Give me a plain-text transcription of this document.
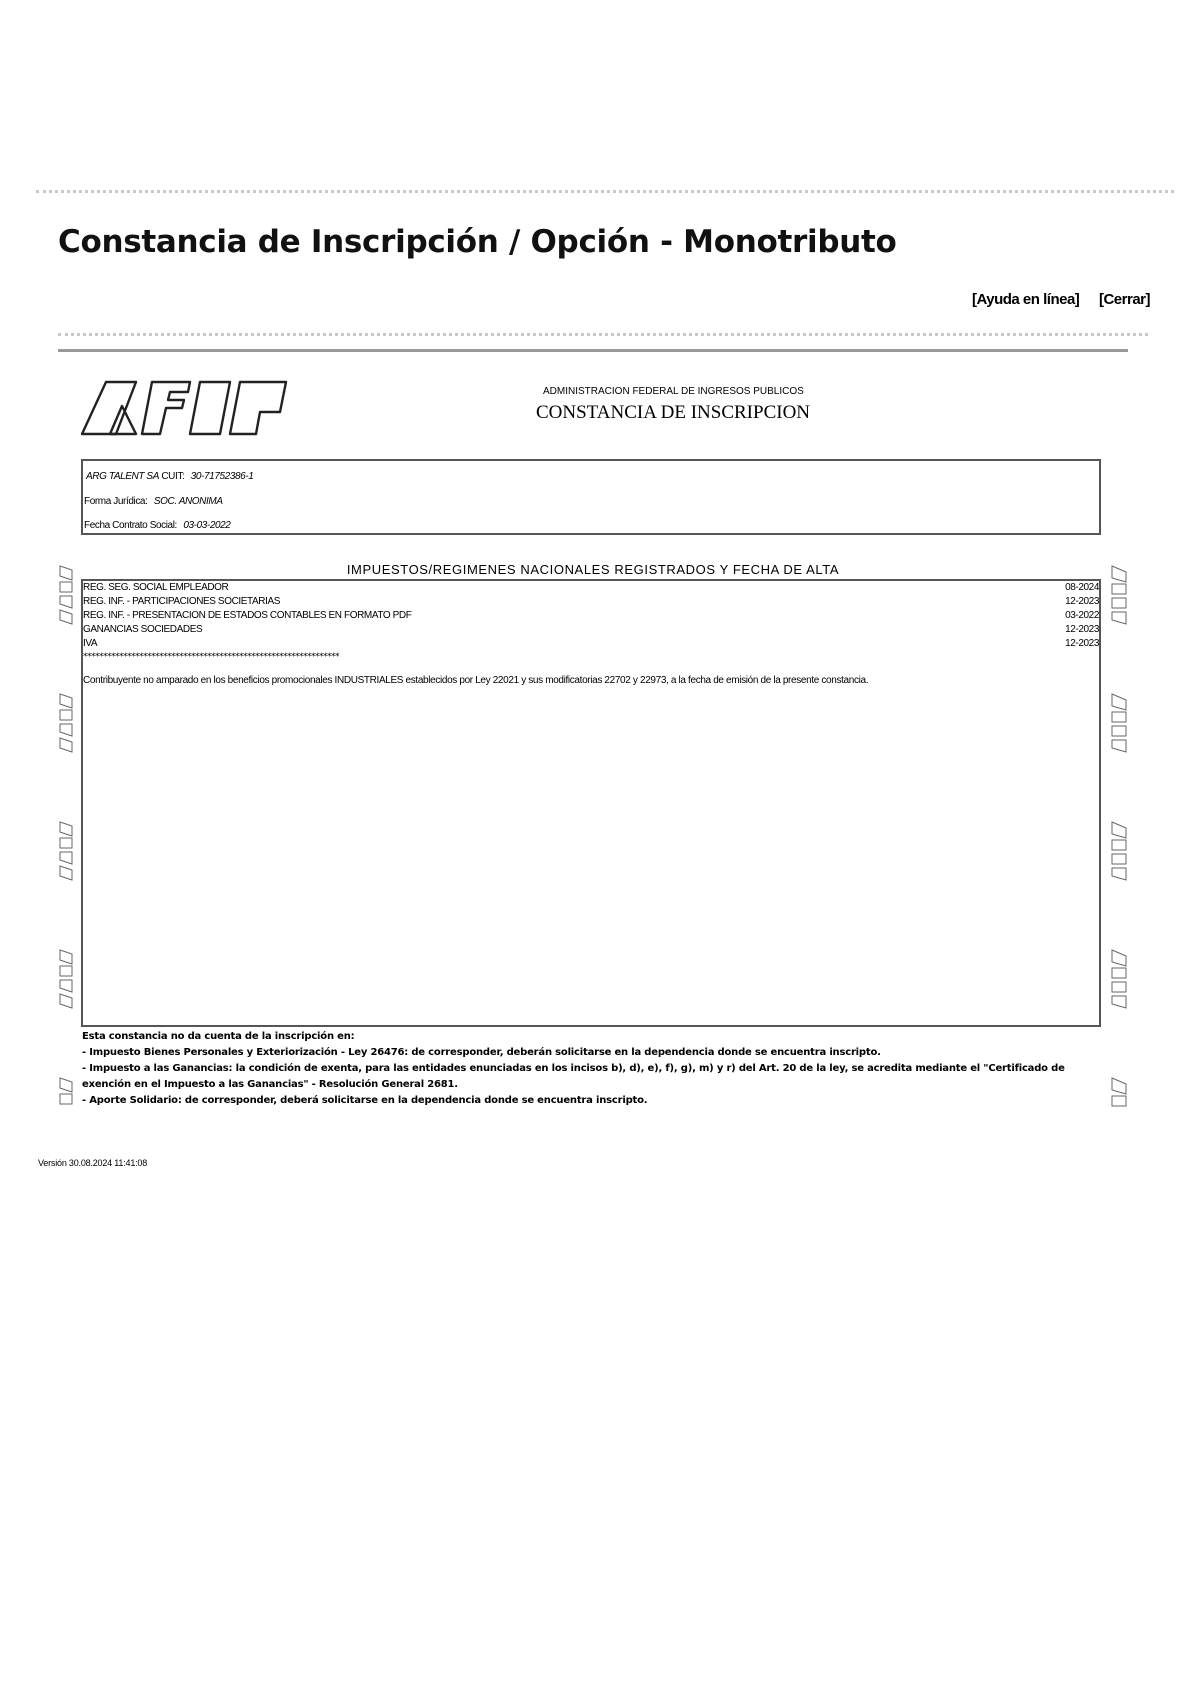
Constancia de Inscripción / Opción - Monotributo
[Ayuda en línea] [Cerrar]
ADMINISTRACION FEDERAL DE INGRESOS PUBLICOS
CONSTANCIA DE INSCRIPCION
ARG TALENT SA CUIT: 30-71752386-1
Forma Jurídica: SOC. ANONIMA
Fecha Contrato Social: 03-03-2022
IMPUESTOS/REGIMENES NACIONALES REGISTRADOS Y FECHA DE ALTA
REG. SEG. SOCIAL EMPLEADOR	08-2024
REG. INF. - PARTICIPACIONES SOCIETARIAS	12-2023
REG. INF. - PRESENTACION DE ESTADOS CONTABLES EN FORMATO PDF	03-2022
GANANCIAS SOCIEDADES	12-2023
IVA	12-2023
****************************************************************
Contribuyente no amparado en los beneficios promocionales INDUSTRIALES establecidos por Ley 22021 y sus modificatorias 22702 y 22973, a la fecha de emisión de la presente constancia.
Esta constancia no da cuenta de la inscripción en:
- Impuesto Bienes Personales y Exteriorización - Ley 26476: de corresponder, deberán solicitarse en la dependencia donde se encuentra inscripto.
- Impuesto a las Ganancias: la condición de exenta, para las entidades enunciadas en los incisos b), d), e), f), g), m) y r) del Art. 20 de la ley, se acredita mediante el "Certificado de exención en el Impuesto a las Ganancias" - Resolución General 2681.
- Aporte Solidario: de corresponder, deberá solicitarse en la dependencia donde se encuentra inscripto.
Versión 30.08.2024 11:41:08
